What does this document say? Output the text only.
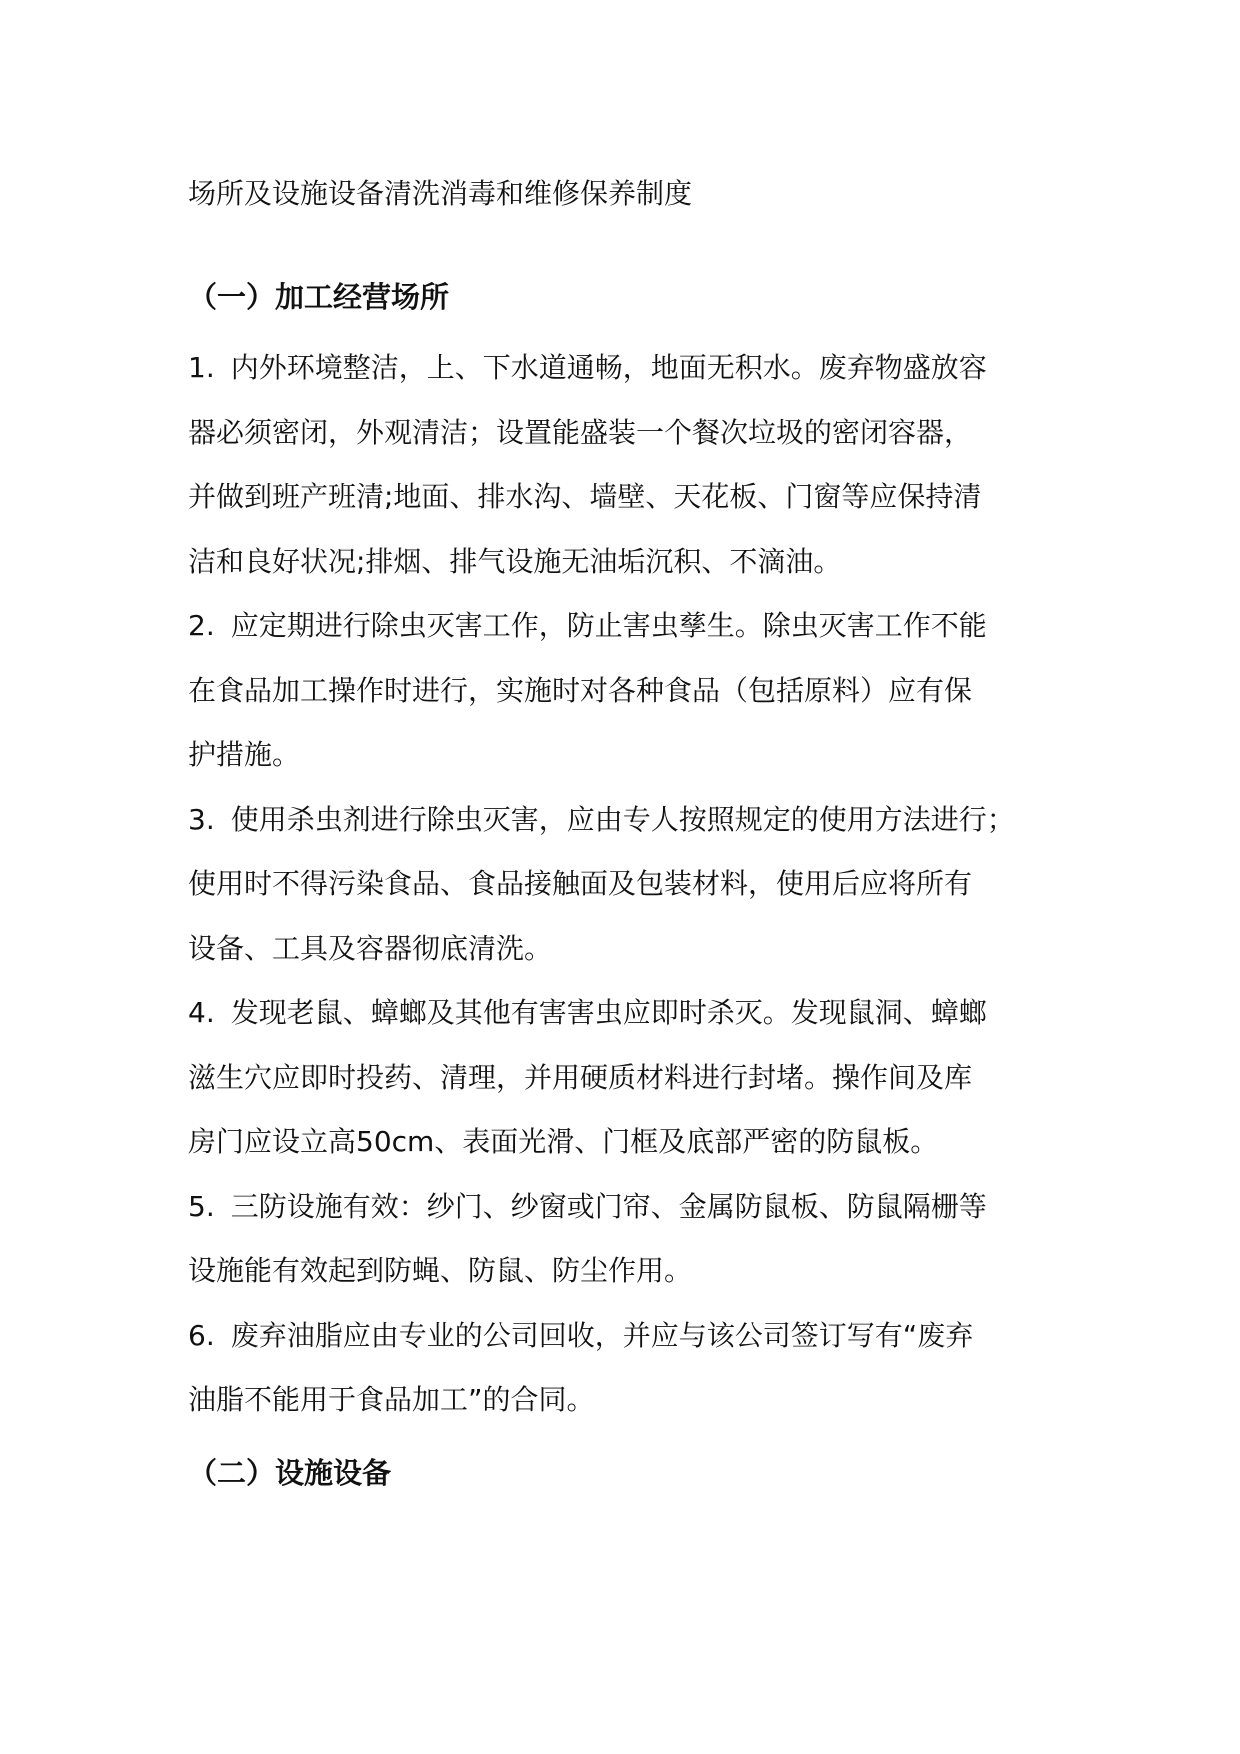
场所及设施设备清洗消毒和维修保养制度
（一）加工经营场所
1. 内外环境整洁，上、下水道通畅，地面无积水。废弃物盛放容
器必须密闭，外观清洁；设置能盛装一个餐次垃圾的密闭容器，
并做到班产班清;地面、排水沟、墙壁、天花板、门窗等应保持清
洁和良好状况;排烟、排气设施无油垢沉积、不滴油。
2. 应定期进行除虫灭害工作，防止害虫孳生。除虫灭害工作不能
在食品加工操作时进行，实施时对各种食品（包括原料）应有保
护措施。
3. 使用杀虫剂进行除虫灭害，应由专人按照规定的使用方法进行；
使用时不得污染食品、食品接触面及包装材料，使用后应将所有
设备、工具及容器彻底清洗。
4. 发现老鼠、蟑螂及其他有害害虫应即时杀灭。发现鼠洞、蟑螂
滋生穴应即时投药、清理，并用硬质材料进行封堵。操作间及库
房门应设立高50cm、表面光滑、门框及底部严密的防鼠板。
5. 三防设施有效：纱门、纱窗或门帘、金属防鼠板、防鼠隔栅等
设施能有效起到防蝇、防鼠、防尘作用。
6. 废弃油脂应由专业的公司回收，并应与该公司签订写有“废弃
油脂不能用于食品加工”的合同。
（二）设施设备
